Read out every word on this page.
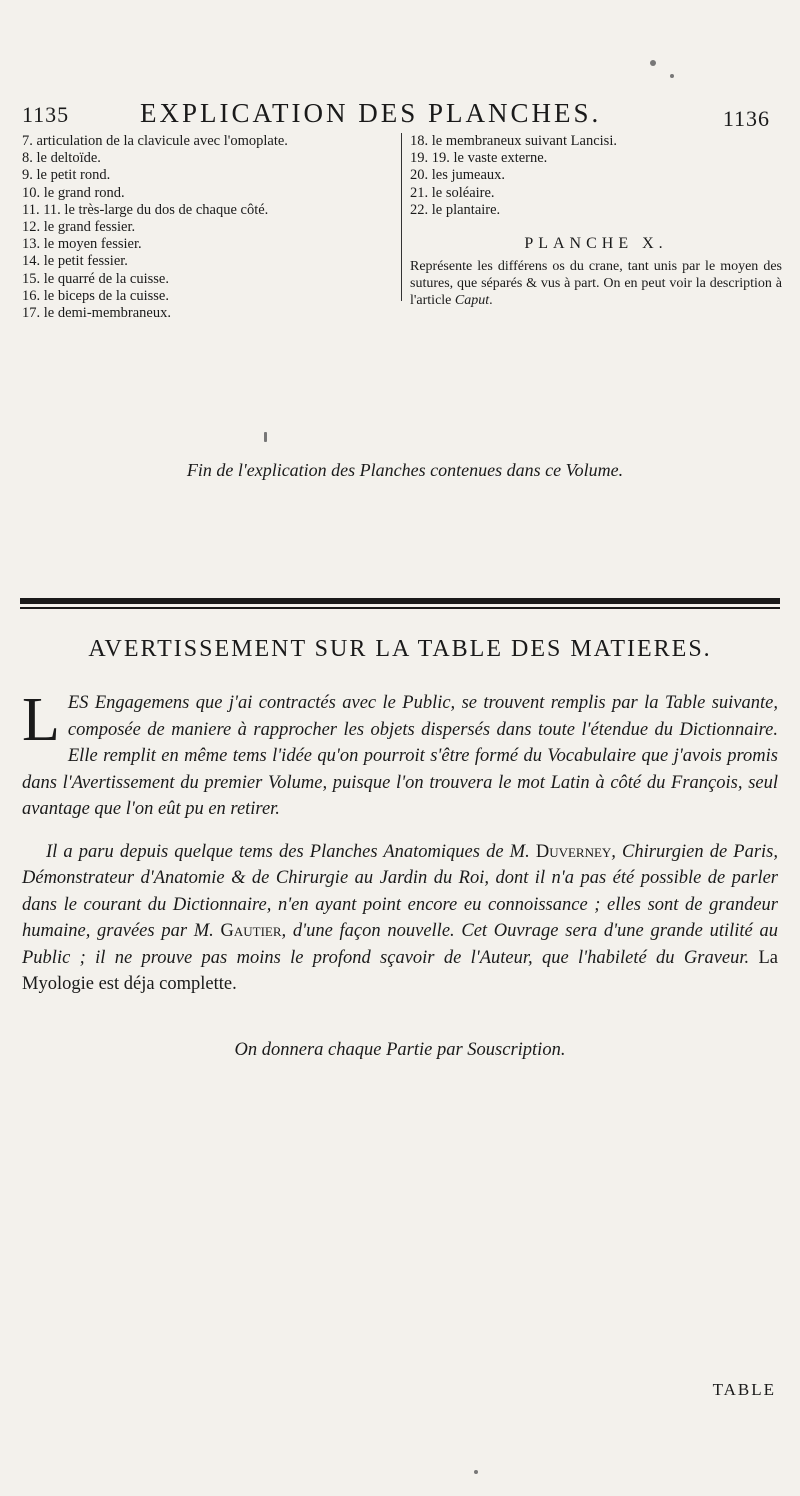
1135	EXPLICATION DES PLANCHES.	1136
7. articulation de la clavicule avec l'omoplate.
8. le deltoïde.
9. le petit rond.
10. le grand rond.
11. 11. le très-large du dos de chaque côté.
12. le grand fessier.
13. le moyen fessier.
14. le petit fessier.
15. le quarré de la cuisse.
16. le biceps de la cuisse.
17. le demi-membraneux.
18. le membraneux suivant Lancisi.
19. 19. le vaste externe.
20. les jumeaux.
21. le soléaire.
22. le plantaire.
PLANCHE X.
Représente les différens os du crane, tant unis par le moyen des sutures, que séparés & vus à part. On en peut voir la description à l'article Caput.
Fin de l'explication des Planches contenues dans ce Volume.
AVERTISSEMENT SUR LA TABLE DES MATIERES.
LES Engagemens que j'ai contractés avec le Public, se trouvent remplis par la Table suivante, composée de maniere à rapprocher les objets dispersés dans toute l'étendue du Dictionnaire. Elle remplit en même tems l'idée qu'on pourroit s'être formé du Vocabulaire que j'avois promis dans l'Avertissement du premier Volume, puisque l'on trouvera le mot Latin à côté du François, seul avantage que l'on eût pu en retirer.
Il a paru depuis quelque tems des Planches Anatomiques de M. Duverney, Chirurgien de Paris, Démonstrateur d'Anatomie & de Chirurgie au Jardin du Roi, dont il n'a pas été possible de parler dans le courant du Dictionnaire, n'en ayant point encore eu connoissance ; elles sont de grandeur humaine, gravées par M. Gautier, d'une façon nouvelle. Cet Ouvrage sera d'une grande utilité au Public ; il ne prouve pas moins le profond sçavoir de l'Auteur, que l'habileté du Graveur. La Myologie est déja complette.
On donnera chaque Partie par Souscription.
TABLE
